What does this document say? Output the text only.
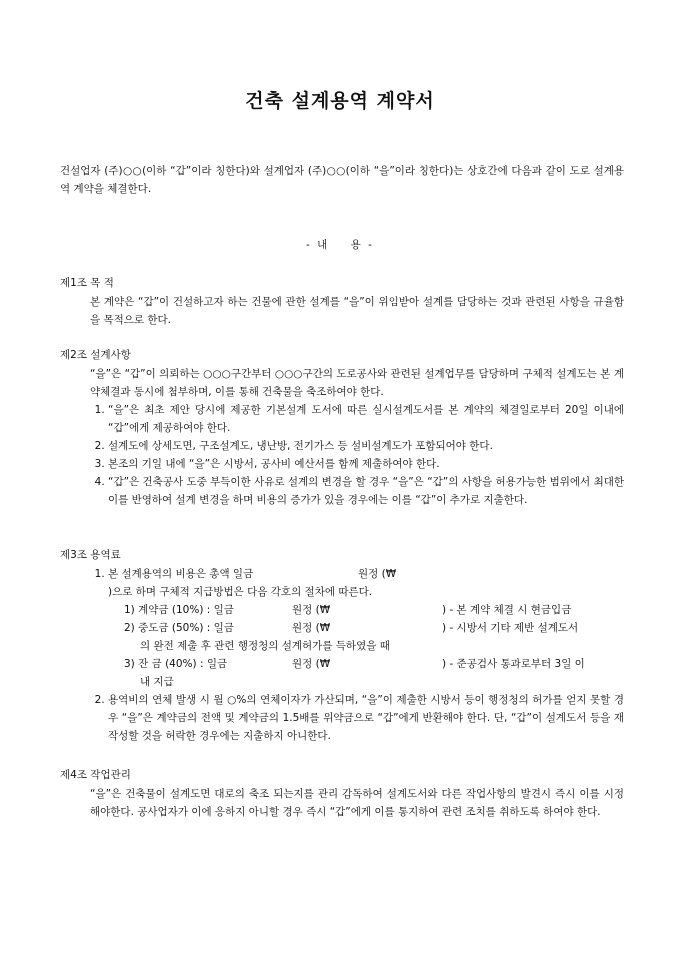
건축 설계용역 계약서
건설업자 (주)○○(이하 “갑”이라 칭한다)와 설계업자 (주)○○(이하 “을”이라 칭한다)는 상호간에 다음과 같이 도로 설계용역 계약을 체결한다.
- 내    용 -
제1조 목 적
본 계약은 “갑”이 건설하고자 하는 건물에 관한 설계를 “을”이 위임받아 설계를 담당하는 것과 관련된 사항을 규율함을 목적으로 한다.
제2조 설계사항
“을”은 “갑”이 의뢰하는 ○○○구간부터 ○○○구간의 도로공사와 관련된 설계업무를 담당하며 구체적 설계도는 본 계약체결과 동시에 첨부하며, 이를 통해 건축물을 축조하여야 한다.
1. “을”은 최초 제안 당시에 제공한 기본설계 도서에 따른 실시설계도서를 본 계약의 체결일로부터 20일 이내에 “갑”에게 제공하여야 한다.
2. 설계도에 상세도면, 구조설계도, 냉난방, 전기가스 등 설비설계도가 포함되어야 한다.
3. 본조의 기일 내에 “을”은 시방서, 공사비 예산서를 함께 제출하여야 한다.
4. “갑”은 건축공사 도중 부득이한 사유로 설계의 변경을 할 경우 “을”은 “갑”의 사항을 허용가능한 범위에서 최대한 이를 반영하여 설계 변경을 하며 비용의 증가가 있을 경우에는 이를 “갑”이 추가로 지출한다.
제3조 용역료
1. 본 설계용역의 비용은 총액 일금	원정 (₩
)으로 하며 구체적 지급방법은 다음 각호의 절차에 따른다.
1) 계약금 (10%) : 일금	원정 (₩	) - 본 계약 체결 시 현금입금
2) 중도금 (50%) : 일금	원정 (₩	) - 시방서 기타 제반 설계도서
의 완전 제출 후 관련 행정청의 설계허가를 득하였을 때
3) 잔 금 (40%) : 일금	원정 (₩	) - 준공검사 통과로부터 3일 이
내 지급
2. 용역비의 연체 발생 시 월 ○%의 연체이자가 가산되며, “을”이 제출한 시방서 등이 행정청의 허가를 얻지 못할 경우 “을”은 계약금의 전액 및 계약금의 1.5배를 위약금으로 “갑”에게 반환해야 한다. 단, “갑”이 설계도서 등을 재작성할 것을 허락한 경우에는 지출하지 아니한다.
제4조 작업관리
“을”은 건축물이 설계도면 대로의 축조 되는지를 관리 감독하여 설계도서와 다른 작업사항의 발견시 즉시 이를 시정해야한다. 공사업자가 이에 응하지 아니할 경우 즉시 “갑”에게 이를 통지하여 관련 조치를 취하도록 하여야 한다.
